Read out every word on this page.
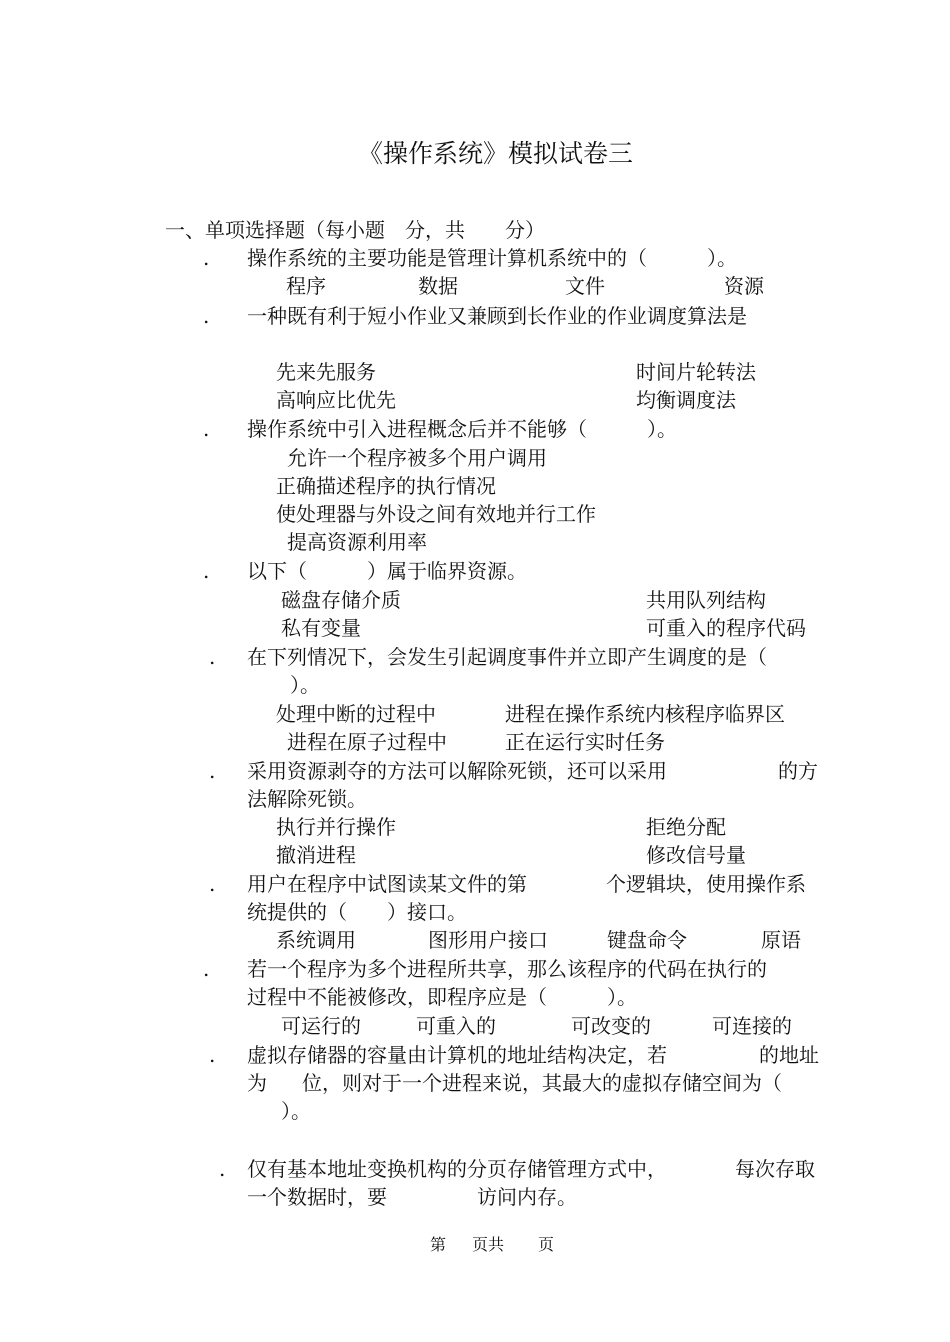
《操作系统》模拟试卷三
一、单项选择题（每小题　分，共　　分）
. 操作系统的主要功能是管理计算机系统中的（　　　）。
程序	数据	文件	资源
. 一种既有利于短小作业又兼顾到长作业的作业调度算法是
先来先服务	时间片轮转法
高响应比优先	均衡调度法
. 操作系统中引入进程概念后并不能够（　　　）。
允许一个程序被多个用户调用
正确描述程序的执行情况
使处理器与外设之间有效地并行工作
提高资源利用率
. 以下（　　　）属于临界资源。
磁盘存储介质	共用队列结构
私有变量	可重入的程序代码
. 在下列情况下，会发生引起调度事件并立即产生调度的是（
）。
处理中断的过程中	进程在操作系统内核程序临界区
进程在原子过程中	正在运行实时任务
. 采用资源剥夺的方法可以解除死锁，还可以采用	的方
法解除死锁。
执行并行操作	拒绝分配
撤消进程	修改信号量
. 用户在程序中试图读某文件的第	个逻辑块，使用操作系
统提供的（　　）接口。
系统调用	图形用户接口	键盘命令	原语
. 若一个程序为多个进程所共享，那么该程序的代码在执行的
过程中不能被修改，即程序应是（　　　）。
可运行的	可重入的	可改变的	可连接的
. 虚拟存储器的容量由计算机的地址结构决定，若	的地址
为 位，则对于一个进程来说，其最大的虚拟存储空间为（
）。
. 仅有基本地址变换机构的分页存储管理方式中，	每次存取
一个数据时，要	访问内存。
第 页共 页
